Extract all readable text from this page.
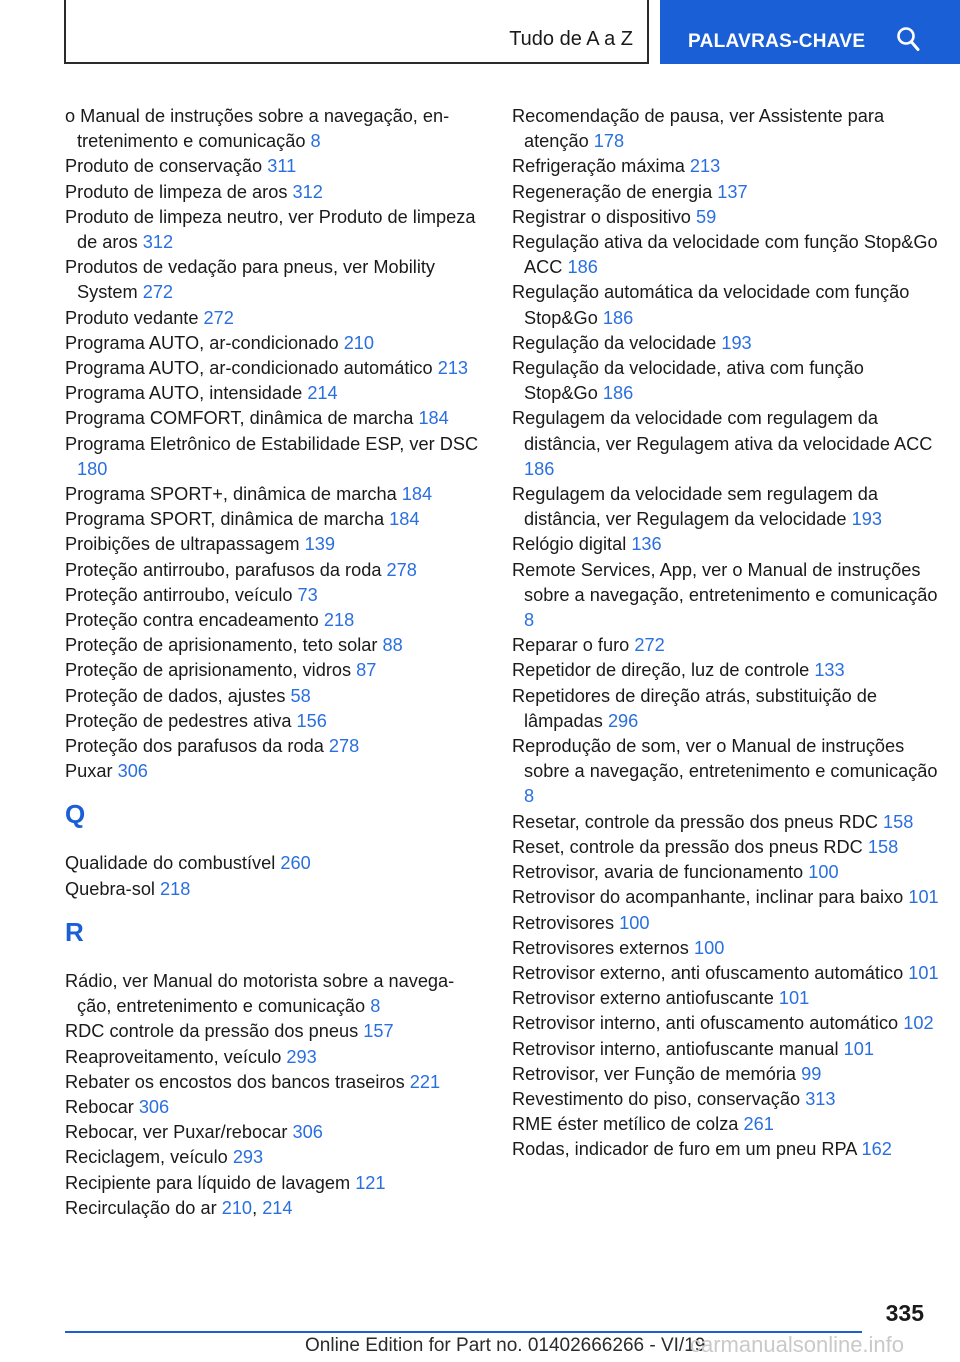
Tudo de A a Z	PALAVRAS-CHAVE
o Manual de instruções sobre a navegação, entretenimento e comunicação 8
Produto de conservação 311
Produto de limpeza de aros 312
Produto de limpeza neutro, ver Produto de limpeza de aros 312
Produtos de vedação para pneus, ver Mobility System 272
Produto vedante 272
Programa AUTO, ar-condicionado 210
Programa AUTO, ar-condicionado automático 213
Programa AUTO, intensidade 214
Programa COMFORT, dinâmica de marcha 184
Programa Eletrônico de Estabilidade ESP, ver DSC 180
Programa SPORT+, dinâmica de marcha 184
Programa SPORT, dinâmica de marcha 184
Proibições de ultrapassagem 139
Proteção antirroubo, parafusos da roda 278
Proteção antirroubo, veículo 73
Proteção contra encadeamento 218
Proteção de aprisionamento, teto solar 88
Proteção de aprisionamento, vidros 87
Proteção de dados, ajustes 58
Proteção de pedestres ativa 156
Proteção dos parafusos da roda 278
Puxar 306
Q
Qualidade do combustível 260
Quebra-sol 218
R
Rádio, ver Manual do motorista sobre a navegação, entretenimento e comunicação 8
RDC controle da pressão dos pneus 157
Reaproveitamento, veículo 293
Rebater os encostos dos bancos traseiros 221
Rebocar 306
Rebocar, ver Puxar/rebocar 306
Reciclagem, veículo 293
Recipiente para líquido de lavagem 121
Recirculação do ar 210, 214
Recomendação de pausa, ver Assistente para atenção 178
Refrigeração máxima 213
Regeneração de energia 137
Registrar o dispositivo 59
Regulação ativa da velocidade com função Stop&Go ACC 186
Regulação automática da velocidade com função Stop&Go 186
Regulação da velocidade 193
Regulação da velocidade, ativa com função Stop&Go 186
Regulagem da velocidade com regulagem da distância, ver Regulagem ativa da velocidade ACC 186
Regulagem da velocidade sem regulagem da distância, ver Regulagem da velocidade 193
Relógio digital 136
Remote Services, App, ver o Manual de instruções sobre a navegação, entretenimento e comunicação 8
Reparar o furo 272
Repetidor de direção, luz de controle 133
Repetidores de direção atrás, substituição de lâmpadas 296
Reprodução de som, ver o Manual de instruções sobre a navegação, entretenimento e comunicação 8
Resetar, controle da pressão dos pneus RDC 158
Reset, controle da pressão dos pneus RDC 158
Retrovisor, avaria de funcionamento 100
Retrovisor do acompanhante, inclinar para baixo 101
Retrovisores 100
Retrovisores externos 100
Retrovisor externo, anti ofuscamento automático 101
Retrovisor externo antiofuscante 101
Retrovisor interno, anti ofuscamento automático 102
Retrovisor interno, antiofuscante manual 101
Retrovisor, ver Função de memória 99
Revestimento do piso, conservação 313
RME éster metílico de colza 261
Rodas, indicador de furo em um pneu RPA 162
335
Online Edition for Part no. 01402666266 - VI/19
carmanualsonline.info
